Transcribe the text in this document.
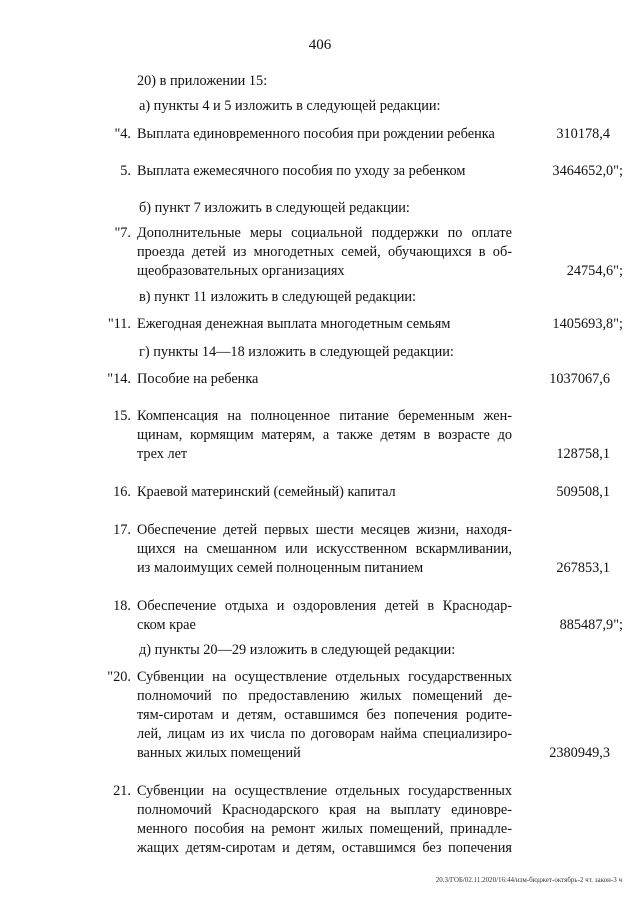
406
20) в приложении 15:
а) пункты 4 и 5 изложить в следующей редакции:
"4. Выплата единовременного пособия при рождении ребенка	310178,4
5. Выплата ежемесячного пособия по уходу за ребенком	3464652,0";
б) пункт 7 изложить в следующей редакции:
"7. Дополнительные меры социальной поддержки по оплате
проезда детей из многодетных семей, обучающихся в об-
щеобразовательных организациях	24754,6";
в) пункт 11 изложить в следующей редакции:
"11. Ежегодная денежная выплата многодетным семьям	1405693,8";
г) пункты 14—18 изложить в следующей редакции:
"14. Пособие на ребенка	1037067,6
15. Компенсация на полноценное питание беременным жен-
щинам, кормящим матерям, а также детям в возрасте до
трех лет	128758,1
16. Краевой материнский (семейный) капитал	509508,1
17. Обеспечение детей первых шести месяцев жизни, находя-
щихся на смешанном или искусственном вскармливании,
из малоимущих семей полноценным питанием	267853,1
18. Обеспечение отдыха и оздоровления детей в Краснодар-
ском крае	885487,9";
д) пункты 20—29 изложить в следующей редакции:
"20. Субвенции на осуществление отдельных государственных
полномочий по предоставлению жилых помещений де-
тям-сиротам и детям, оставшимся без попечения родите-
лей, лицам из их числа по договорам найма специализиро-
ванных жилых помещений	2380949,3
21. Субвенции на осуществление отдельных государственных
полномочий Краснодарского края на выплату единовре-
менного пособия на ремонт жилых помещений, принадле-
жащих детям-сиротам и детям, оставшимся без попечения
20.3/ГОБ/02.11.2020/16:44/изм-бюджет-октябрь-2 чт. закон-3 ч
